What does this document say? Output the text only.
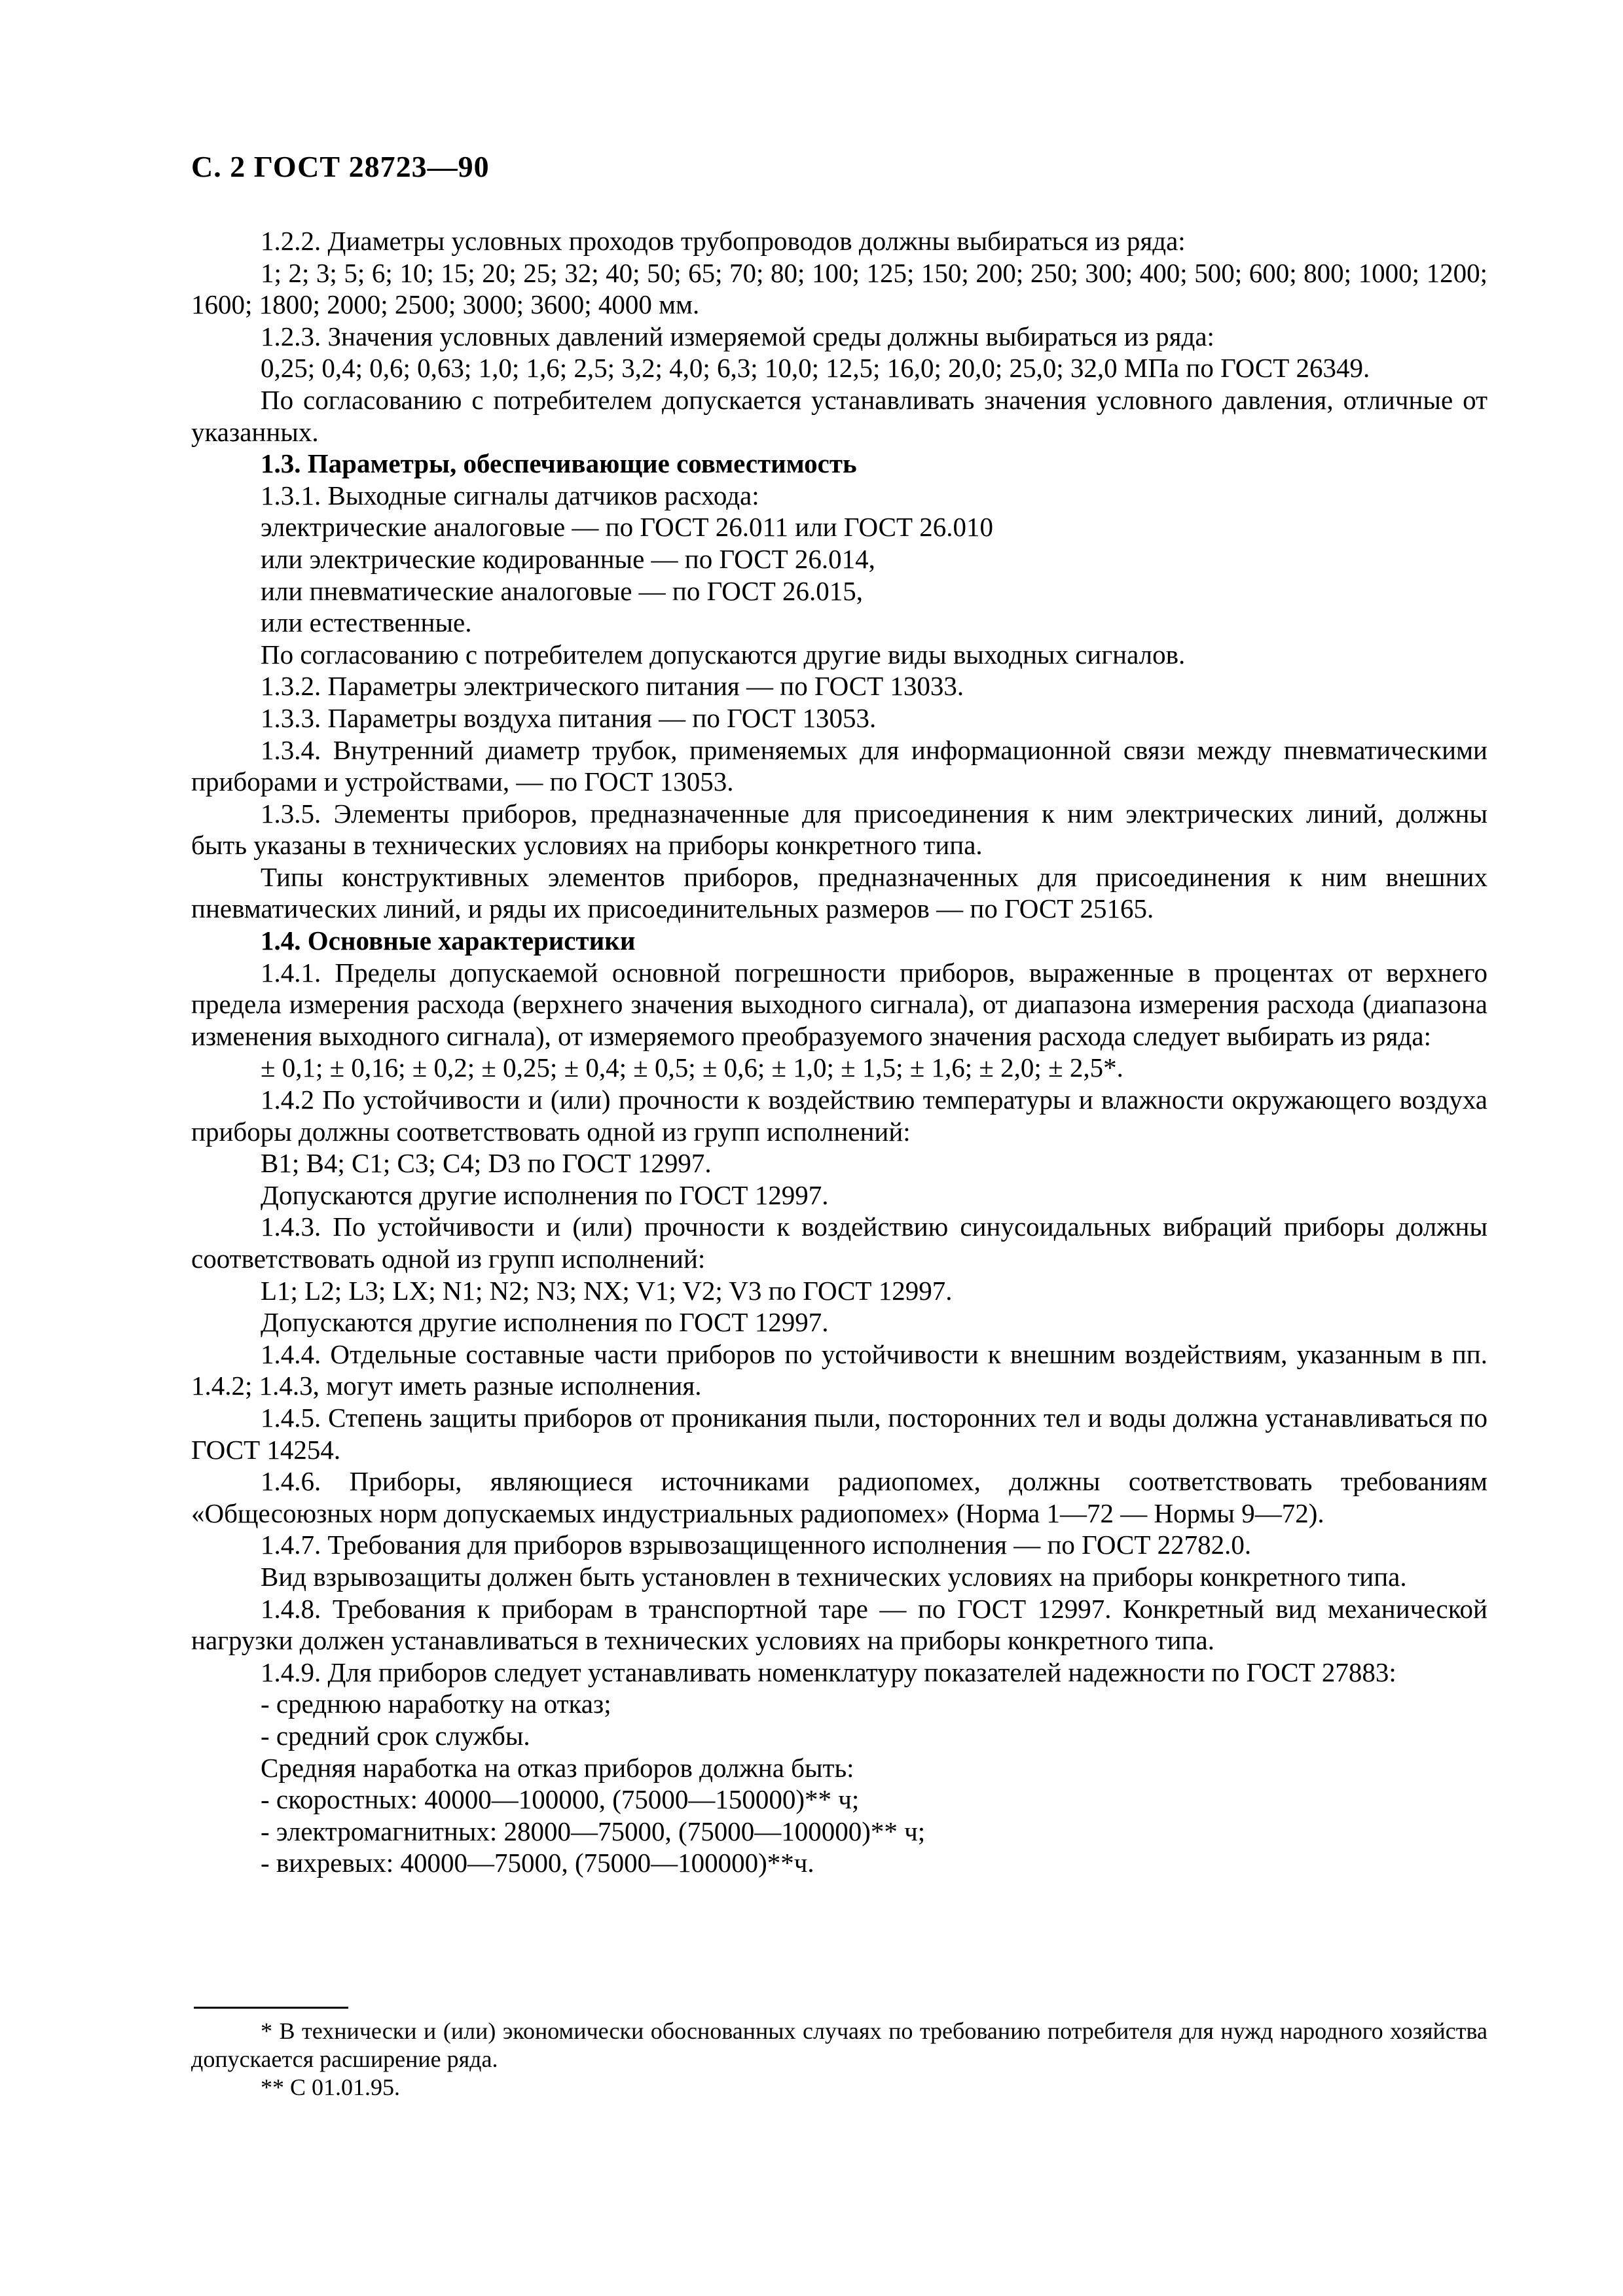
С. 2 ГОСТ 28723—90

1.2.2. Диаметры условных проходов трубопроводов должны выбираться из ряда:

1; 2; 3; 5; 6; 10; 15; 20; 25; 32; 40; 50; 65; 70; 80; 100; 125; 150; 200; 250; 300; 400; 500; 600; 800; 1000; 1200; 1600; 1800; 2000; 2500; 3000; 3600; 4000 мм.

1.2.3. Значения условных давлений измеряемой среды должны выбираться из ряда:

0,25; 0,4; 0,6; 0,63; 1,0; 1,6; 2,5; 3,2; 4,0; 6,3; 10,0; 12,5; 16,0; 20,0; 25,0; 32,0 МПа по ГОСТ 26349.

По согласованию с потребителем допускается устанавливать значения условного давления, отличные от указанных.

1.3. Параметры, обеспечивающие совместимость

1.3.1. Выходные сигналы датчиков расхода:

электрические аналоговые — по ГОСТ 26.011 или ГОСТ 26.010

или электрические кодированные — по ГОСТ 26.014,

или пневматические аналоговые — по ГОСТ 26.015,

или естественные.

По согласованию с потребителем допускаются другие виды выходных сигналов.

1.3.2. Параметры электрического питания — по ГОСТ 13033.

1.3.3. Параметры воздуха питания — по ГОСТ 13053.

1.3.4. Внутренний диаметр трубок, применяемых для информационной связи между пневматическими приборами и устройствами, — по ГОСТ 13053.

1.3.5. Элементы приборов, предназначенные для присоединения к ним электрических линий, должны быть указаны в технических условиях на приборы конкретного типа.

Типы конструктивных элементов приборов, предназначенных для присоединения к ним внешних пневматических линий, и ряды их присоединительных размеров — по ГОСТ 25165.

1.4. Основные характеристики

1.4.1. Пределы допускаемой основной погрешности приборов, выраженные в процентах от верхнего предела измерения расхода (верхнего значения выходного сигнала), от диапазона измерения расхода (диапазона изменения выходного сигнала), от измеряемого преобразуемого значения расхода следует выбирать из ряда:

± 0,1; ± 0,16; ± 0,2; ± 0,25; ± 0,4; ± 0,5; ± 0,6; ± 1,0; ± 1,5; ± 1,6; ± 2,0; ± 2,5*.

1.4.2 По устойчивости и (или) прочности к воздействию температуры и влажности окружающего воздуха приборы должны соответствовать одной из групп исполнений:

В1; В4; С1; С3; С4; D3 по ГОСТ 12997.

Допускаются другие исполнения по ГОСТ 12997.

1.4.3. По устойчивости и (или) прочности к воздействию синусоидальных вибраций приборы должны соответствовать одной из групп исполнений:

L1; L2; L3; LX; N1; N2; N3; NX; V1; V2; V3 по ГОСТ 12997.

Допускаются другие исполнения по ГОСТ 12997.

1.4.4. Отдельные составные части приборов по устойчивости к внешним воздействиям, указанным в пп. 1.4.2; 1.4.3, могут иметь разные исполнения.

1.4.5. Степень защиты приборов от проникания пыли, посторонних тел и воды должна устанавливаться по ГОСТ 14254.

1.4.6. Приборы, являющиеся источниками радиопомех, должны соответствовать требованиям «Общесоюзных норм допускаемых индустриальных радиопомех» (Норма 1—72 — Нормы 9—72).

1.4.7. Требования для приборов взрывозащищенного исполнения — по ГОСТ 22782.0.

Вид взрывозащиты должен быть установлен в технических условиях на приборы конкретного типа.

1.4.8. Требования к приборам в транспортной таре — по ГОСТ 12997. Конкретный вид механической нагрузки должен устанавливаться в технических условиях на приборы конкретного типа.

1.4.9. Для приборов следует устанавливать номенклатуру показателей надежности по ГОСТ 27883:

- среднюю наработку на отказ;

- средний срок службы.

Средняя наработка на отказ приборов должна быть:

- скоростных: 40000—100000, (75000—150000)** ч;

- электромагнитных: 28000—75000, (75000—100000)** ч;

- вихревых: 40000—75000, (75000—100000)**ч.

* В технически и (или) экономически обоснованных случаях по требованию потребителя для нужд народного хозяйства допускается расширение ряда.

** С 01.01.95.
